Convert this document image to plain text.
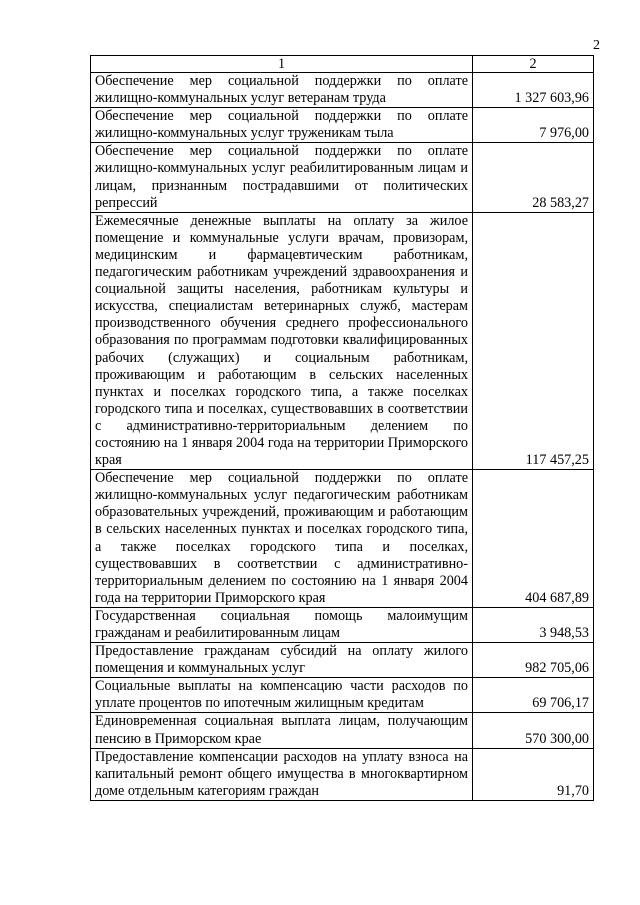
2
1	2
Обеспечение мер социальной поддержки по оплате жилищно-коммунальных услуг ветеранам труда	1 327 603,96
Обеспечение мер социальной поддержки по оплате жилищно-коммунальных услуг труженикам тыла	7 976,00
Обеспечение мер социальной поддержки по оплате жилищно-коммунальных услуг реабилитированным лицам и лицам, признанным пострадавшими от политических репрессий	28 583,27
Ежемесячные денежные выплаты на оплату за жилое помещение и коммунальные услуги врачам, провизорам, медицинским и фармацевтическим работникам, педагогическим работникам учреждений здравоохранения и социальной защиты населения, работникам культуры и искусства, специалистам ветеринарных служб, мастерам производственного обучения среднего профессионального образования по программам подготовки квалифицированных рабочих (служащих) и социальным работникам, проживающим и работающим в сельских населенных пунктах и поселках городского типа, а также поселках городского типа и поселках, существовавших в соответствии с административно-территориальным делением по состоянию на 1 января 2004 года на территории Приморского края	117 457,25
Обеспечение мер социальной поддержки по оплате жилищно-коммунальных услуг педагогическим работникам образовательных учреждений, проживающим и работающим в сельских населенных пунктах и поселках городского типа, а также поселках городского типа и поселках, существовавших в соответствии с административно-территориальным делением по состоянию на 1 января 2004 года на территории Приморского края	404 687,89
Государственная социальная помощь малоимущим гражданам и реабилитированным лицам	3 948,53
Предоставление гражданам субсидий на оплату жилого помещения и коммунальных услуг	982 705,06
Социальные выплаты на компенсацию части расходов по уплате процентов по ипотечным жилищным кредитам	69 706,17
Единовременная социальная выплата лицам, получающим пенсию в Приморском крае	570 300,00
Предоставление компенсации расходов на уплату взноса на капитальный ремонт общего имущества в многоквартирном доме отдельным категориям граждан	91,70
